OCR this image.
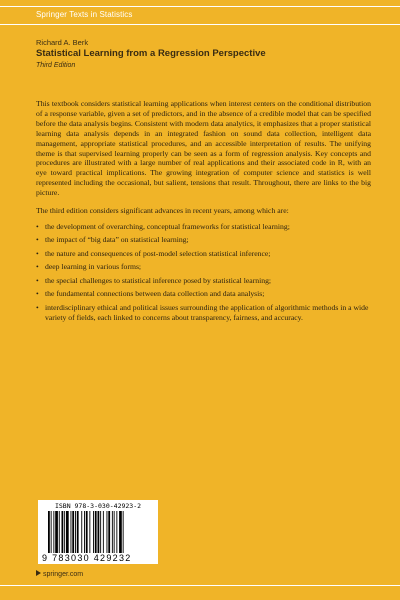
Springer Texts in Statistics
Richard A. Berk
Statistical Learning from a Regression Perspective
Third Edition

This textbook considers statistical learning applications when interest centers on the conditional distribution of a response variable, given a set of predictors, and in the absence of a credible model that can be specified before the data analysis begins. Consistent with modern data analytics, it emphasizes that a proper statistical learning data analysis depends in an integrated fashion on sound data collection, intelligent data management, appropriate statistical procedures, and an accessible interpretation of results. The unifying theme is that supervised learning properly can be seen as a form of regression analysis. Key concepts and procedures are illustrated with a large number of real applications and their associated code in R, with an eye toward practical implications. The growing integration of computer science and statistics is well represented including the occasional, but salient, tensions that result. Throughout, there are links to the big picture.

The third edition considers significant advances in recent years, among which are:

• the development of overarching, conceptual frameworks for statistical learning;
• the impact of “big data” on statistical learning;
• the nature and consequences of post-model selection statistical inference;
• deep learning in various forms;
• the special challenges to statistical inference posed by statistical learning;
• the fundamental connections between data collection and data analysis;
• interdisciplinary ethical and political issues surrounding the application of algorithmic methods in a wide variety of fields, each linked to concerns about transparency, fairness, and accuracy.
ISBN 978-3-030-42923-2
9 783030 429232
springer.com
